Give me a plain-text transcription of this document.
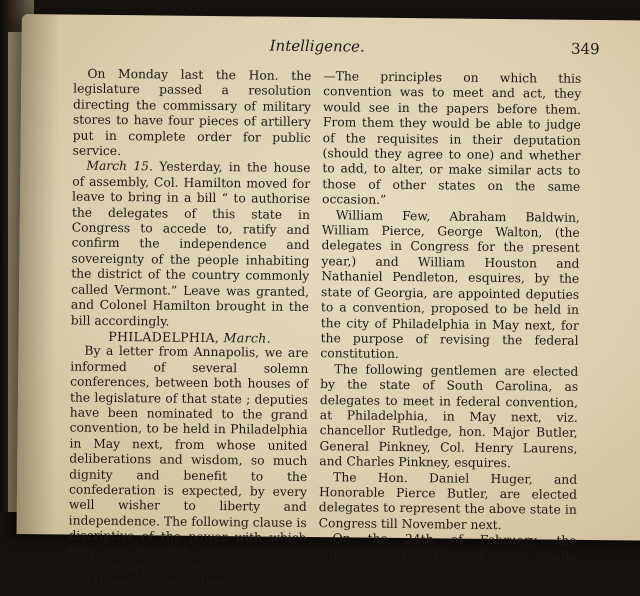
Intelligence.	349

On Monday last the Hon. the legislature passed a resolution directing the commissary of military stores to have four pieces of artillery put in complete order for public service.

March 15. Yesterday, in the house of assembly, Col. Hamilton moved for leave to bring in a bill “ to authorise the delegates of this state in Congress to accede to, ratify and confirm the independence and sovereignty of the people inhabiting the district of the country commonly called Vermont.” Leave was granted, and Colonel Hamilton brought in the bill accordingly.

PHILADELPHIA, March.

By a letter from Annapolis, we are informed of several solemn conferences, between both houses of the legislature of that state ; deputies have been nominated to the grand convention, to be held in Philadelphia in May next, from whose united deliberations and wisdom, so much dignity and benefit to the confederation is expected, by every well wisher to liberty and independence. The following clause is discriptive of the power with which they are invested.—“ It is agreed, that the deputies from this state, or any three or more of them, be author-

—The principles on which this convention was to meet and act, they would see in the papers before them. From them they would be able to judge of the requisites in their deputation (should they agree to one) and whether to add, to alter, or make similar acts to those of other states on the same occasion.”

William Few, Abraham Baldwin, William Pierce, George Walton, (the delegates in Congress for the present year,) and William Houston and Nathaniel Pendleton, esquires, by the state of Georgia, are appointed deputies to a convention, proposed to be held in the city of Philadelphia in May next, for the purpose of revising the federal constitution.

The following gentlemen are elected by the state of South Carolina, as delegates to meet in federal convention, at Philadelphia, in May next, viz. chancellor Rutledge, hon. Major Butler, General Pinkney, Col. Henry Laurens, and Charles Pinkney, esquires.

The Hon. Daniel Huger, and Honorable Pierce Butler, are elected delegates to represent the above state in Congress till November next.

On the 24th of February, the legislature of Massachusetts made choice of the hon.
